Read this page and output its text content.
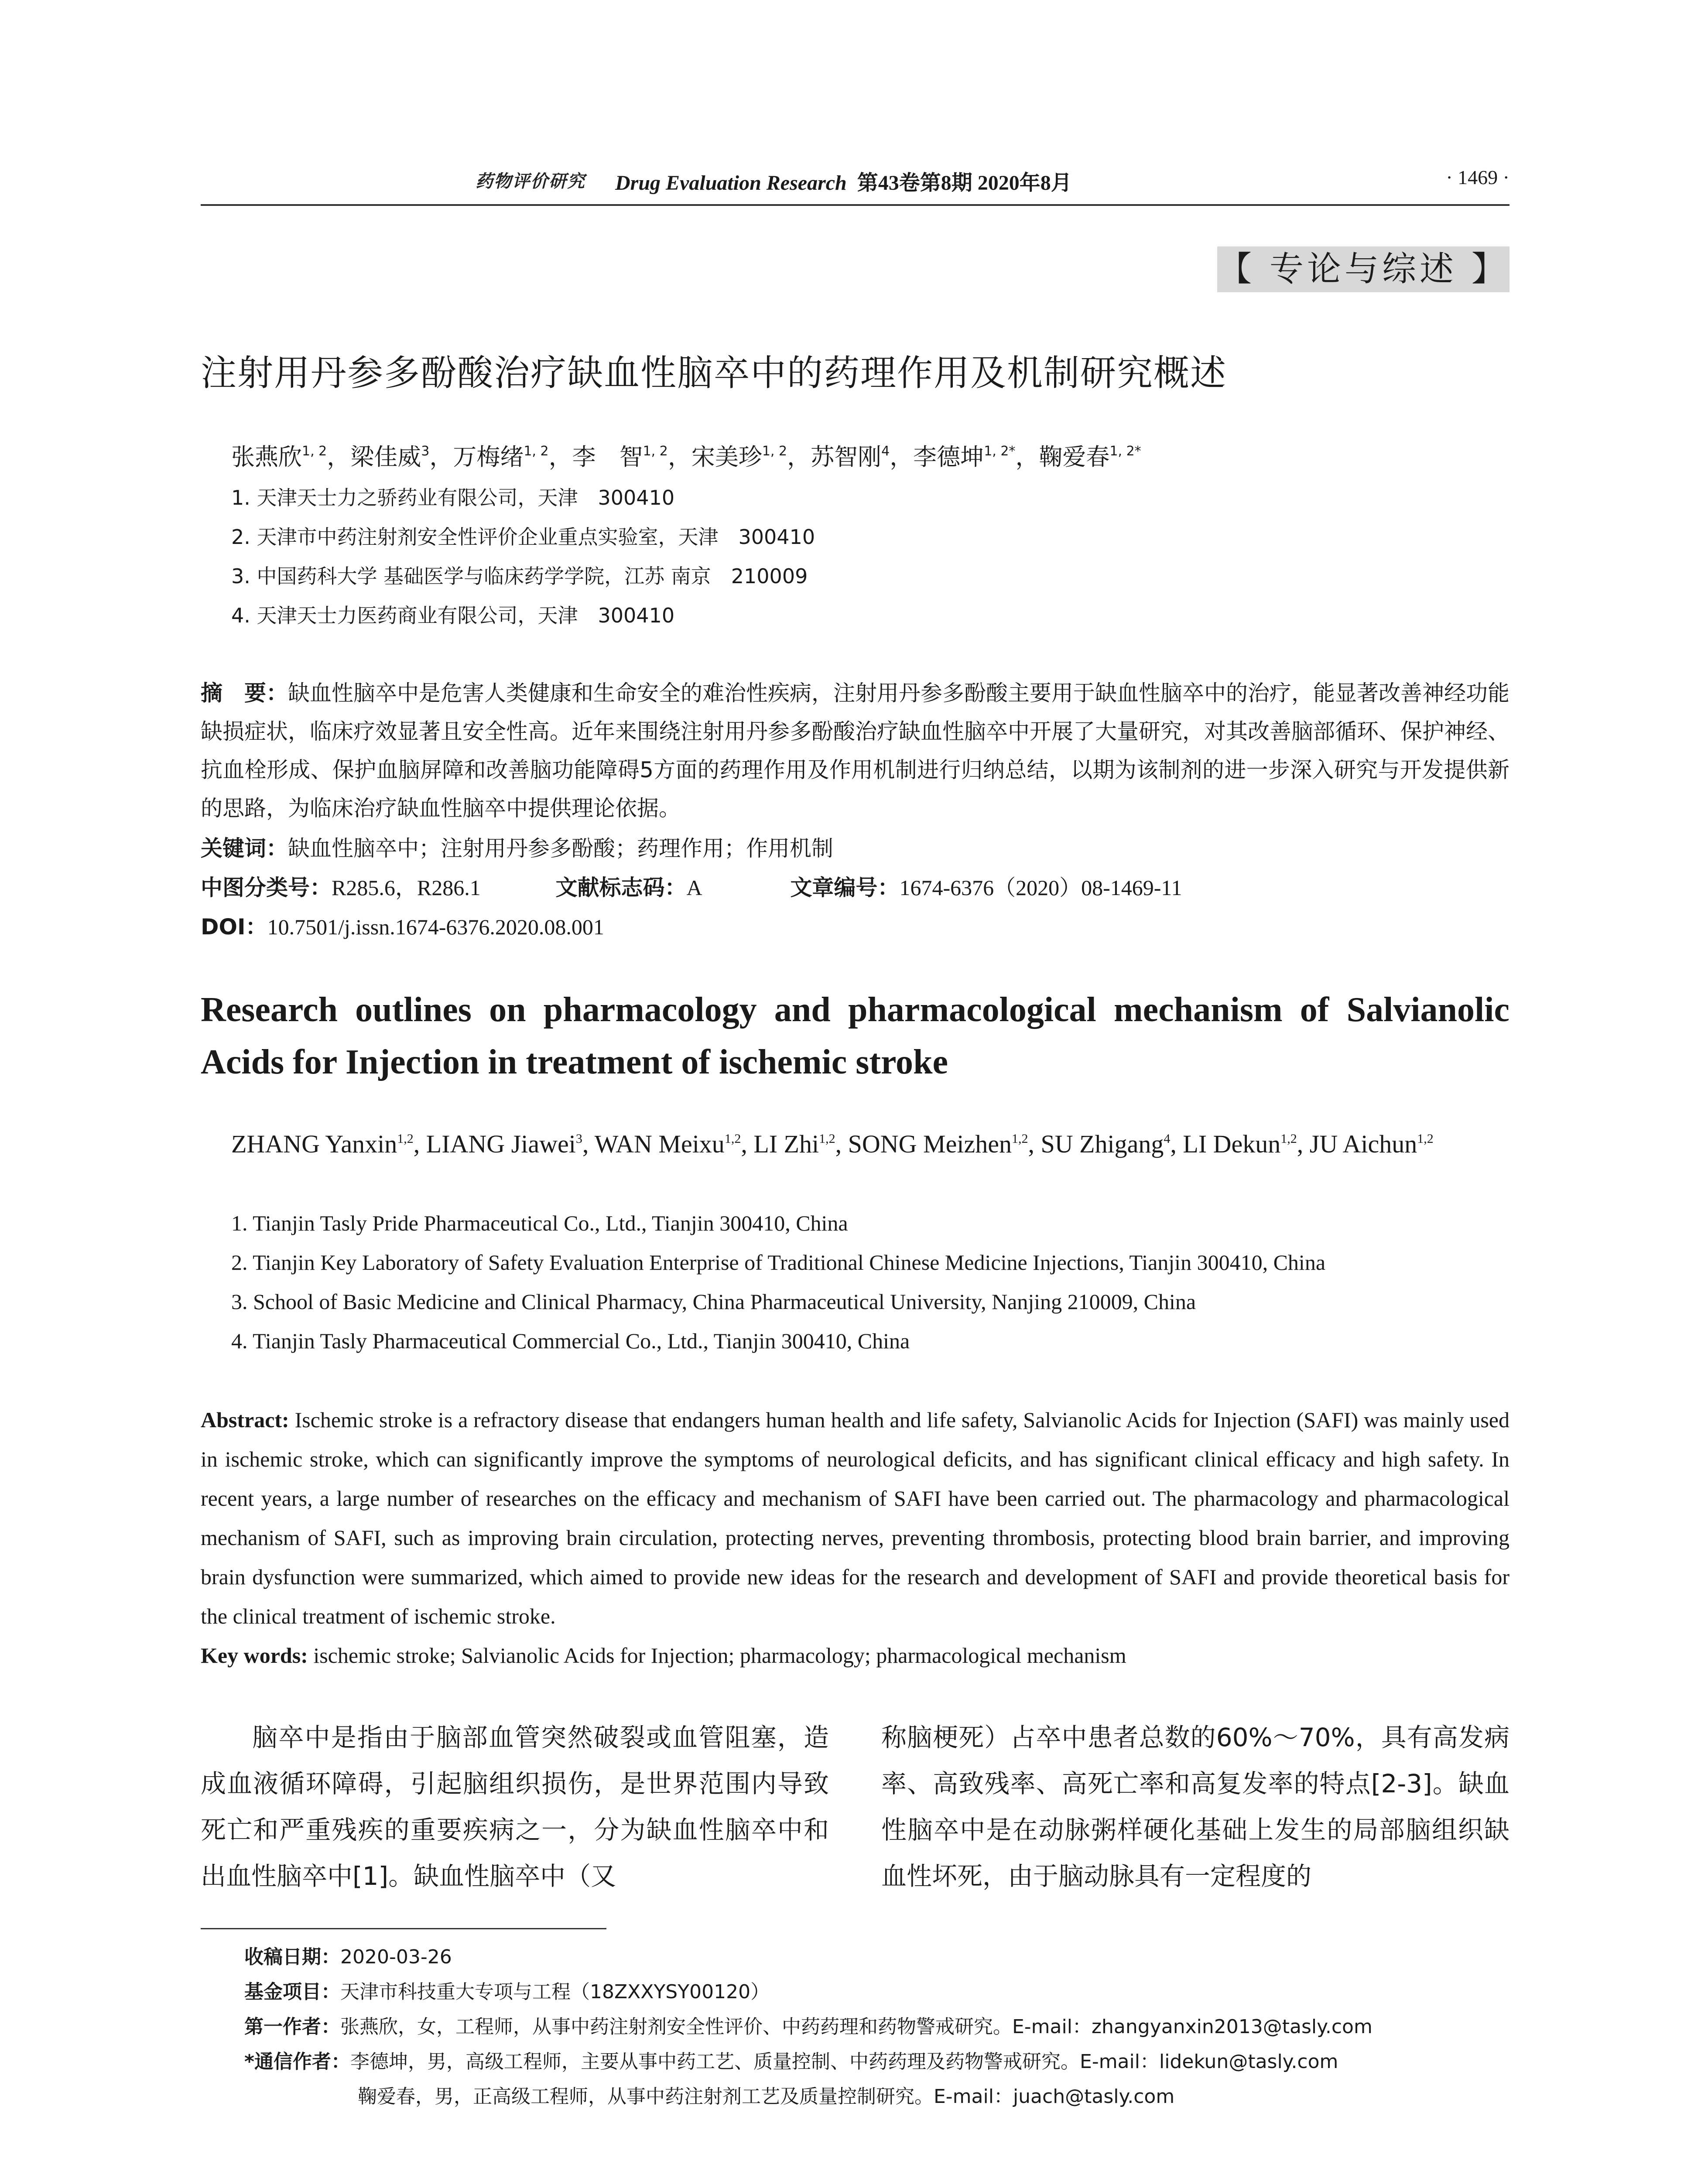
药物评价研究 Drug Evaluation Research 第43卷第8期 2020年8月	· 1469 ·
【 专论与综述 】
注射用丹参多酚酸治疗缺血性脑卒中的药理作用及机制研究概述
张燕欣$^{1, 2}$，梁佳威$^3$，万梅绪$^{1, 2}$，李　智$^{1, 2}$，宋美珍$^{1, 2}$，苏智刚$^4$，李德坤$^{1, 2*}$，鞠爱春$^{1, 2*}$
1. 天津天士力之骄药业有限公司，天津　300410
2. 天津市中药注射剂安全性评价企业重点实验室，天津　300410
3. 中国药科大学 基础医学与临床药学学院，江苏 南京　210009
4. 天津天士力医药商业有限公司，天津　300410
摘　要：缺血性脑卒中是危害人类健康和生命安全的难治性疾病，注射用丹参多酚酸主要用于缺血性脑卒中的治疗，能显著改善神经功能缺损症状，临床疗效显著且安全性高。近年来围绕注射用丹参多酚酸治疗缺血性脑卒中开展了大量研究，对其改善脑部循环、保护神经、抗血栓形成、保护血脑屏障和改善脑功能障碍5方面的药理作用及作用机制进行归纳总结，以期为该制剂的进一步深入研究与开发提供新的思路，为临床治疗缺血性脑卒中提供理论依据。
关键词：缺血性脑卒中；注射用丹参多酚酸；药理作用；作用机制
中图分类号：R285.6，R286.1	文献标志码：A	文章编号：1674-6376（2020）08-1469-11
DOI：10.7501/j.issn.1674-6376.2020.08.001
Research outlines on pharmacology and pharmacological mechanism of Salvianolic Acids for Injection in treatment of ischemic stroke
ZHANG Yanxin$^{1,2}$, LIANG Jiawei$^3$, WAN Meixu$^{1,2}$, LI Zhi$^{1,2}$, SONG Meizhen$^{1,2}$, SU Zhigang$^4$, LI Dekun$^{1,2}$, JU Aichun$^{1,2}$
1. Tianjin Tasly Pride Pharmaceutical Co., Ltd., Tianjin 300410, China
2. Tianjin Key Laboratory of Safety Evaluation Enterprise of Traditional Chinese Medicine Injections, Tianjin 300410, China
3. School of Basic Medicine and Clinical Pharmacy, China Pharmaceutical University, Nanjing 210009, China
4. Tianjin Tasly Pharmaceutical Commercial Co., Ltd., Tianjin 300410, China
Abstract: Ischemic stroke is a refractory disease that endangers human health and life safety, Salvianolic Acids for Injection (SAFI) was mainly used in ischemic stroke, which can significantly improve the symptoms of neurological deficits, and has significant clinical efficacy and high safety. In recent years, a large number of researches on the efficacy and mechanism of SAFI have been carried out. The pharmacology and pharmacological mechanism of SAFI, such as improving brain circulation, protecting nerves, preventing thrombosis, protecting blood brain barrier, and improving brain dysfunction were summarized, which aimed to provide new ideas for the research and development of SAFI and provide theoretical basis for the clinical treatment of ischemic stroke.
Key words: ischemic stroke; Salvianolic Acids for Injection; pharmacology; pharmacological mechanism
脑卒中是指由于脑部血管突然破裂或血管阻塞，造成血液循环障碍，引起脑组织损伤，是世界范围内导致死亡和严重残疾的重要疾病之一，分为缺血性脑卒中和出血性脑卒中[1]。缺血性脑卒中（又
称脑梗死）占卒中患者总数的60%～70%，具有高发病率、高致残率、高死亡率和高复发率的特点[2-3]。缺血性脑卒中是在动脉粥样硬化基础上发生的局部脑组织缺血性坏死，由于脑动脉具有一定程度的
收稿日期：2020-03-26
基金项目：天津市科技重大专项与工程（18ZXXYSY00120）
第一作者：张燕欣，女，工程师，从事中药注射剂安全性评价、中药药理和药物警戒研究。E-mail：zhangyanxin2013@tasly.com
*通信作者：李德坤，男，高级工程师，主要从事中药工艺、质量控制、中药药理及药物警戒研究。E-mail：lidekun@tasly.com
鞠爱春，男，正高级工程师，从事中药注射剂工艺及质量控制研究。E-mail：juach@tasly.com
